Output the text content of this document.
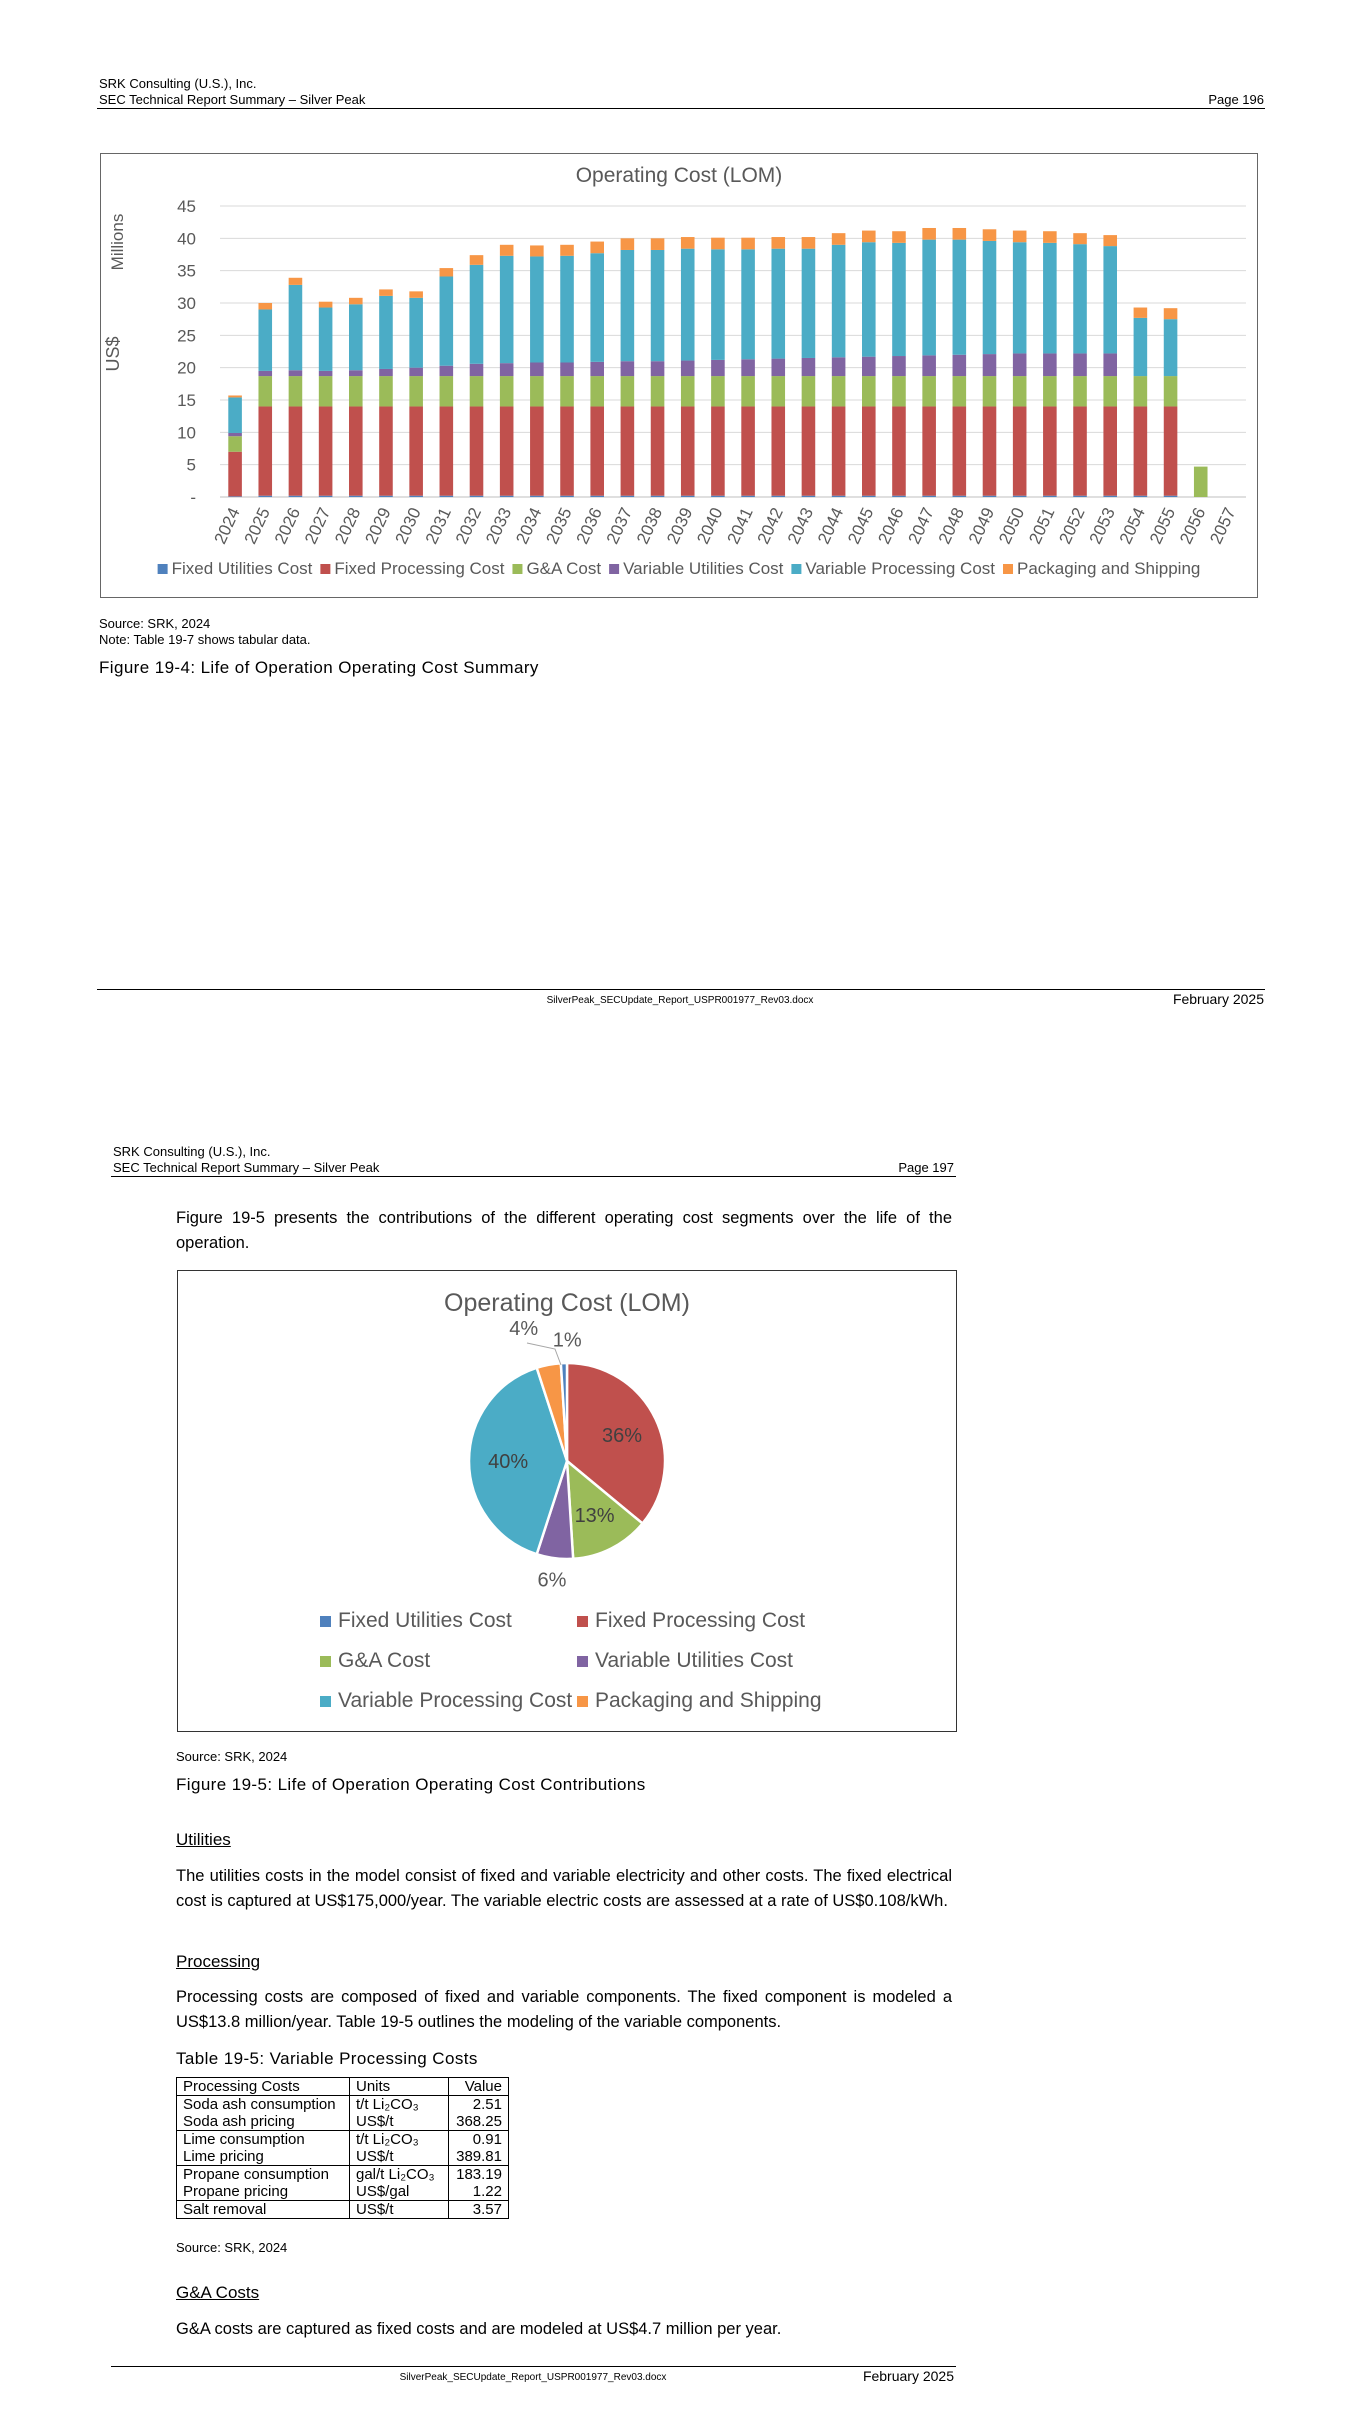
SRK Consulting (U.S.), Inc.
SEC Technical Report Summary – Silver Peak	Page 196
Operating Cost (LOM)
Millions
US$
-
5
10
15
20
25
30
35
40
45
2024
2025
2026
2027
2028
2029
2030
2031
2032
2033
2034
2035
2036
2037
2038
2039
2040
2041
2042
2043
2044
2045
2046
2047
2048
2049
2050
2051
2052
2053
2054
2055
2056
2057
Fixed Utilities Cost Fixed Processing Cost G&A Cost Variable Utilities Cost Variable Processing Cost Packaging and Shipping
Source: SRK, 2024
Note: Table 19-7 shows tabular data.
Figure 19-4: Life of Operation Operating Cost Summary
SilverPeak_SECUpdate_Report_USPR001977_Rev03.docx	February 2025
SRK Consulting (U.S.), Inc.
SEC Technical Report Summary – Silver Peak	Page 197
Figure 19-5 presents the contributions of the different operating cost segments over the life of the operation.
Operating Cost (LOM)
36%
13%
6%
40%
4%
1%
Fixed Utilities Cost	Fixed Processing Cost
G&A Cost	Variable Utilities Cost
Variable Processing Cost Packaging and Shipping
Source: SRK, 2024
Figure 19-5: Life of Operation Operating Cost Contributions
Utilities
The utilities costs in the model consist of fixed and variable electricity and other costs. The fixed electrical cost is captured at US$175,000/year. The variable electric costs are assessed at a rate of US$0.108/kWh.
Processing
Processing costs are composed of fixed and variable components. The fixed component is modeled a US$13.8 million/year. Table 19-5 outlines the modeling of the variable components.
Table 19-5: Variable Processing Costs
Processing Costs	Units	Value
Soda ash consumption	t/t Li₂CO₃	2.51
Soda ash pricing	US$/t	368.25
Lime consumption	t/t Li₂CO₃	0.91
Lime pricing	US$/t	389.81
Propane consumption	gal/t Li₂CO₃	183.19
Propane pricing	US$/gal	1.22
Salt removal	US$/t	3.57
Source: SRK, 2024
G&A Costs
G&A costs are captured as fixed costs and are modeled at US$4.7 million per year.
SilverPeak_SECUpdate_Report_USPR001977_Rev03.docx	February 2025
